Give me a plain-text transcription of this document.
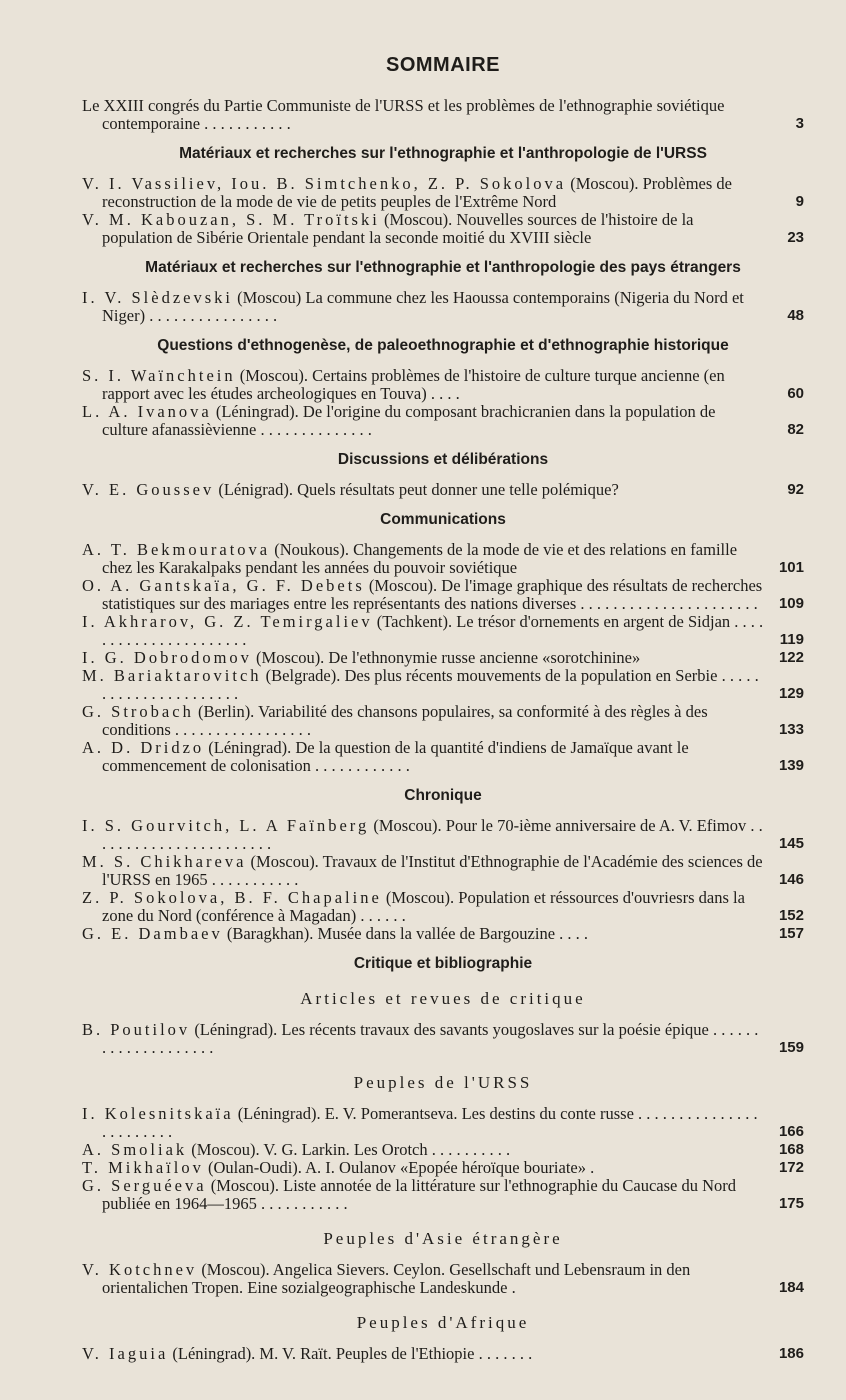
SOMMAIRE
Le XXIII congrés du Partie Communiste de l'URSS et les problèmes de l'ethnographie soviétique contemporaine . . . . . . . . . . .	3
Matériaux et recherches sur l'ethnographie et l'anthropologie de l'URSS
V. I. Vassiliev, Iou. B. Simtchenko, Z. P. Sokolova (Moscou). Problèmes de reconstruction de la mode de vie de petits peuples de l'Extrême Nord	9
V. M. Kabouzan, S. M. Troïtski (Moscou). Nouvelles sources de l'histoire de la population de Sibérie Orientale pendant la seconde moitié du XVIII siècle	23
Matériaux et recherches sur l'ethnographie et l'anthropologie des pays étrangers
I. V. Slèdzevski (Moscou) La commune chez les Haoussa contemporains (Nigeria du Nord et Niger) . . . . . . . . . . . . . . . .	48
Questions d'ethnogenèse, de paleoethnographie et d'ethnographie historique
S. I. Waïnchtein (Moscou). Certains problèmes de l'histoire de culture turque ancienne (en rapport avec les études archeologiques en Touva) . . . .	60
L. A. Ivanova (Léningrad). De l'origine du composant brachicranien dans la population de culture afanassièvienne . . . . . . . . . . . . . .	82
Discussions et délibérations
V. E. Goussev (Lénigrad). Quels résultats peut donner une telle polémique?	92
Communications
A. T. Bekmouratova (Noukous). Changements de la mode de vie et des relations en famille chez les Karakalpaks pendant les années du pouvoir soviétique	101
O. A. Gantskaïa, G. F. Debets (Moscou). De l'image graphique des résultats de recherches statistiques sur des mariages entre les représentants des nations diverses . . . . . . . . . . . . . . . . . . . . . .	109
I. Akhrarov, G. Z. Temirgaliev (Tachkent). Le trésor d'ornements en argent de Sidjan . . . . . . . . . . . . . . . . . . . . . .	119
I. G. Dobrodomov (Moscou). De l'ethnonymie russe ancienne «sorotchinine»	122
M. Bariaktarovitch (Belgrade). Des plus récents mouvements de la population en Serbie . . . . . . . . . . . . . . . . . . . . . .	129
G. Strobach (Berlin). Variabilité des chansons populaires, sa conformité à des règles à des conditions . . . . . . . . . . . . . . . . .	133
A. D. Dridzo (Léningrad). De la question de la quantité d'indiens de Jamaïque avant le commencement de colonisation . . . . . . . . . . . .	139
Chronique
I. S. Gourvitch, L. A Faïnberg (Moscou). Pour le 70-ième anniversaire de A. V. Efimov . . . . . . . . . . . . . . . . . . . . . . .	145
M. S. Chikhareva (Moscou). Travaux de l'Institut d'Ethnographie de l'Académie des sciences de l'URSS en 1965 . . . . . . . . . . .	146
Z. P. Sokolova, B. F. Chapaline (Moscou). Population et réssources d'ouvriesrs dans la zone du Nord (conférence à Magadan) . . . . . .	152
G. E. Dambaev (Baragkhan). Musée dans la vallée de Bargouzine . . . .	157
Critique et bibliographie
Articles et revues de critique
B. Poutilov (Léningrad). Les récents travaux des savants yougoslaves sur la poésie épique . . . . . . . . . . . . . . . . . . . .	159
Peuples de l'URSS
I. Kolesnitskaïa (Léningrad). E. V. Pomerantseva. Les destins du conte russe . . . . . . . . . . . . . . . . . . . . . . . .	166
A. Smoliak (Moscou). V. G. Larkin. Les Orotch . . . . . . . . . .	168
T. Mikhaïlov (Oulan-Oudi). A. I. Oulanov «Epopée héroïque bouriate» .	172
G. Serguéeva (Moscou). Liste annotée de la littérature sur l'ethnographie du Caucase du Nord publiée en 1964—1965 . . . . . . . . . . .	175
Peuples d'Asie étrangère
V. Kotchnev (Moscou). Angelica Sievers. Ceylon. Gesellschaft und Lebensraum in den orientalichen Tropen. Eine sozialgeographische Landeskunde .	184
Peuples d'Afrique
V. Iaguia (Léningrad). M. V. Raït. Peuples de l'Ethiopie . . . . . . .	186
